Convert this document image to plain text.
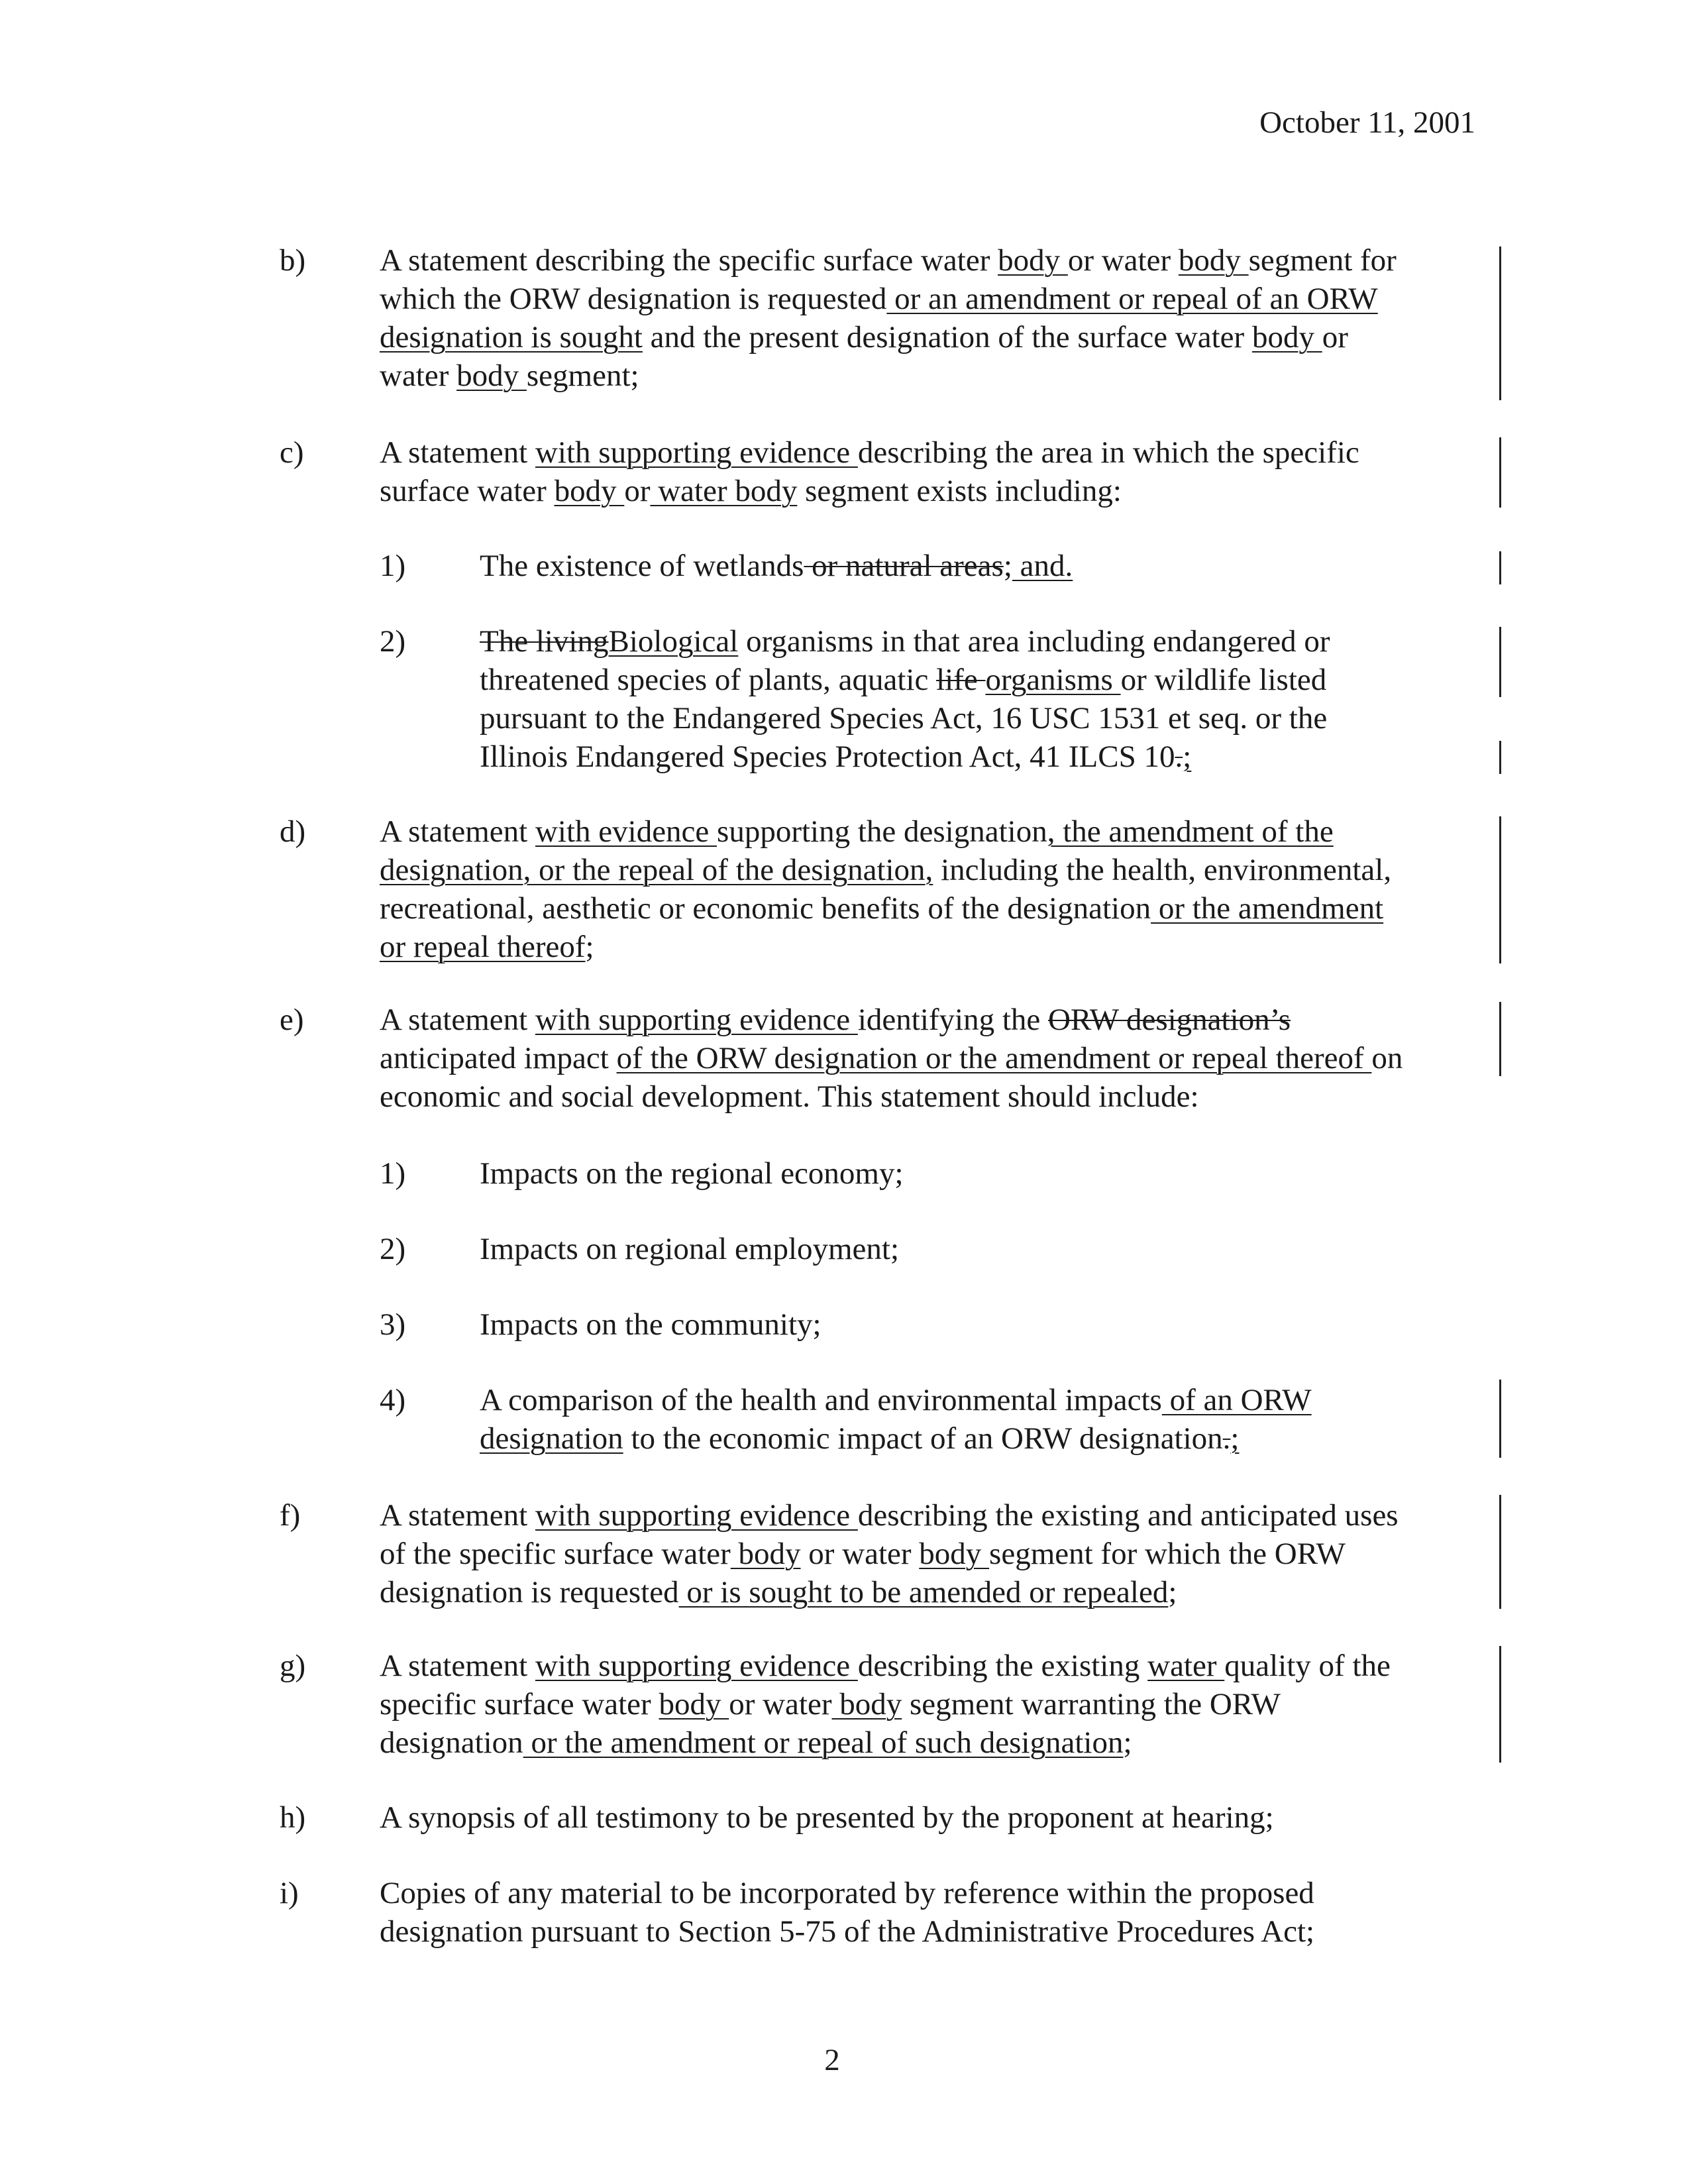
October 11, 2001
b) A statement describing the specific surface water body or water body segment for
which the ORW designation is requested or an amendment or repeal of an ORW
designation is sought and the present designation of the surface water body or
water body segment;
c) A statement with supporting evidence describing the area in which the specific
surface water body or water body segment exists including:
1) The existence of wetlands or natural areas; and.
2) The livingBiological organisms in that area including endangered or
threatened species of plants, aquatic life organisms or wildlife listed
pursuant to the Endangered Species Act, 16 USC 1531 et seq. or the
Illinois Endangered Species Protection Act, 41 ILCS 10.;
d) A statement with evidence supporting the designation, the amendment of the
designation, or the repeal of the designation, including the health, environmental,
recreational, aesthetic or economic benefits of the designation or the amendment
or repeal thereof;
e) A statement with supporting evidence identifying the ORW designation’s
anticipated impact of the ORW designation or the amendment or repeal thereof on
economic and social development. This statement should include:
1) Impacts on the regional economy;
2) Impacts on regional employment;
3) Impacts on the community;
4) A comparison of the health and environmental impacts of an ORW
designation to the economic impact of an ORW designation.;
f)	A statement with supporting evidence describing the existing and anticipated uses
of the specific surface water body or water body segment for which the ORW
designation is requested or is sought to be amended or repealed;
g) A statement with supporting evidence describing the existing water quality of the
specific surface water body or water body segment warranting the ORW
designation or the amendment or repeal of such designation;
h) A synopsis of all testimony to be presented by the proponent at hearing;
i)	Copies of any material to be incorporated by reference within the proposed
designation pursuant to Section 5-75 of the Administrative Procedures Act;
2
